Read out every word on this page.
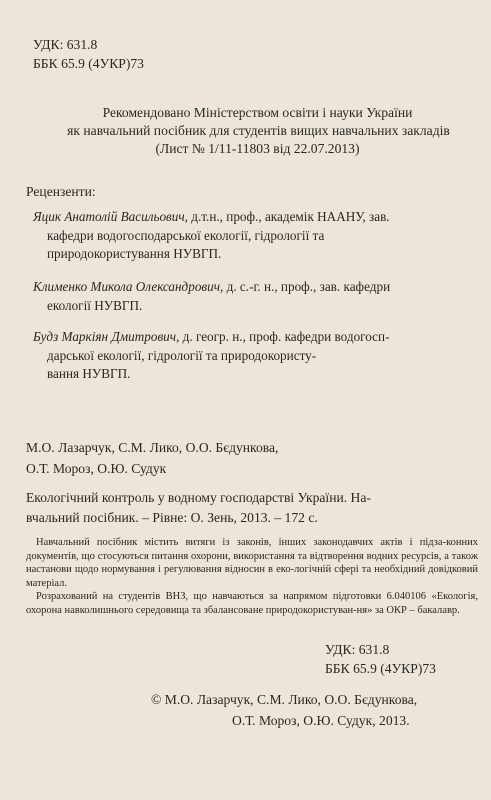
УДК: 631.8
ББК 65.9 (4УКР)73
Рекомендовано Міністерством освіти і науки України
як навчальний посібник для студентів вищих навчальних закладів
(Лист № 1/11-11803 від 22.07.2013)
Рецензенти:
Яцик Анатолій Васильович, д.т.н., проф., академік НААНУ, зав.
кафедри водогосподарської екології, гідрології та
природокористування НУВГП.
Клименко Микола Олександрович, д. с.-г. н., проф., зав. кафедри
екології НУВГП.
Будз Маркіян Дмитрович, д. геогр. н., проф. кафедри водогосп-
дарської екології, гідрології та природокористу-
вання НУВГП.
М.О. Лазарчук, С.М. Лико, О.О. Бєдункова,
О.Т. Мороз, О.Ю. Судук
Екологічний контроль у водному господарстві України. На-
вчальний посібник. – Рівне: О. Зень, 2013. – 172 с.

Навчальний посібник містить витяги із законів, інших законодавчих актів і підза-конних документів, що стосуються питання охорони, використання та відтворення водних ресурсів, а також настанови щодо нормування і регулювання відносин в еко-логічній сфері та необхідний довідковий матеріал.

Розрахований на студентів ВНЗ, що навчаються за напрямом підготовки 6.040106 «Екологія, охорона навколишнього середовища та збалансоване природокористуван-ня» за ОКР – бакалавр.

УДК: 631.8
ББК 65.9 (4УКР)73
© М.О. Лазарчук, С.М. Лико, О.О. Бєдункова,
О.Т. Мороз, О.Ю. Судук, 2013.
